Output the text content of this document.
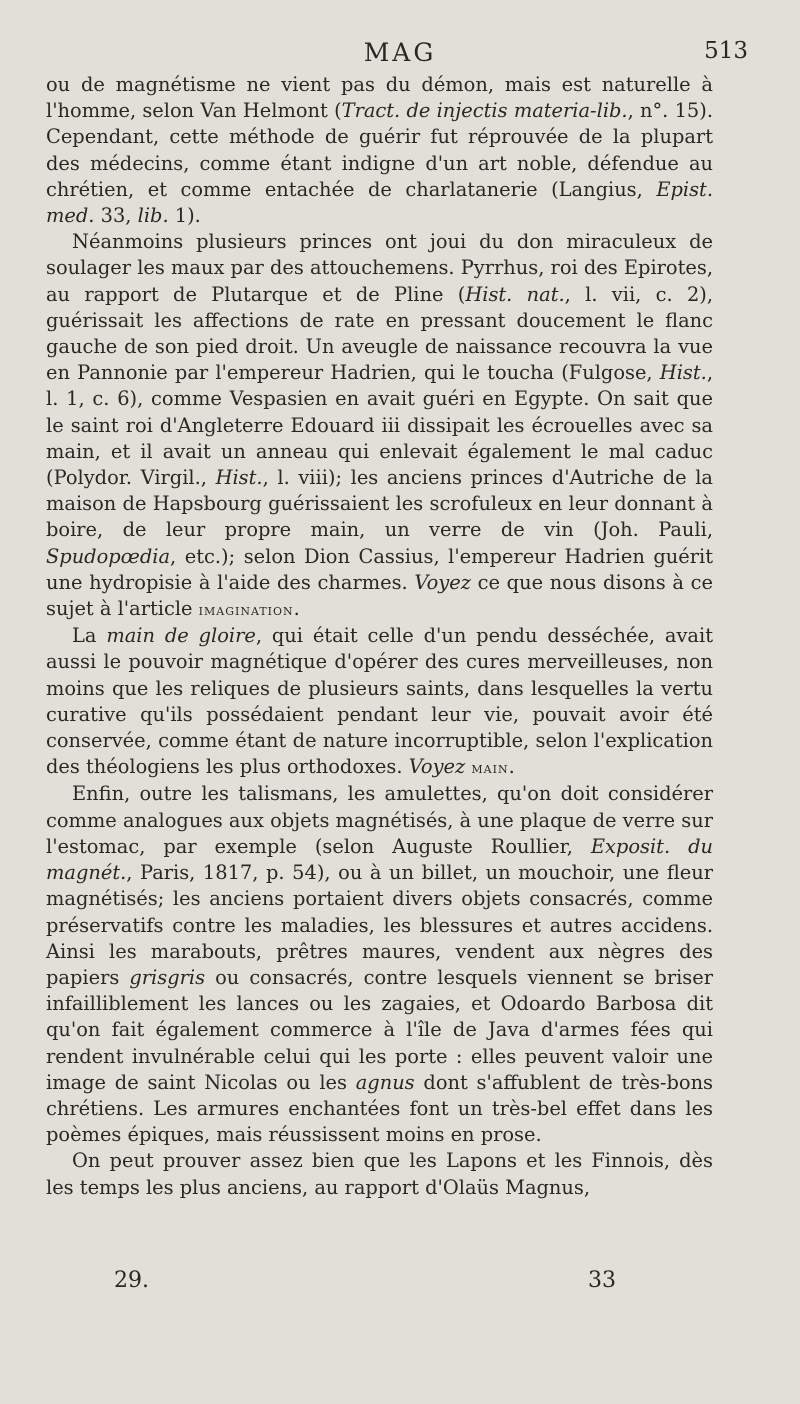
MAG	513

ou de magnétisme ne vient pas du démon, mais est naturelle à l'homme, selon Van Helmont (Tract. de injectis materia-lib., n°. 15). Cependant, cette méthode de guérir fut réprouvée de la plupart des médecins, comme étant indigne d'un art noble, défendue au chrétien, et comme entachée de charlatanerie (Langius, Epist. med. 33, lib. 1).

Néanmoins plusieurs princes ont joui du don miraculeux de soulager les maux par des attouchemens. Pyrrhus, roi des Epirotes, au rapport de Plutarque et de Pline (Hist. nat., l. vii, c. 2), guérissait les affections de rate en pressant doucement le flanc gauche de son pied droit. Un aveugle de naissance recouvra la vue en Pannonie par l'empereur Hadrien, qui le toucha (Fulgose, Hist., l. 1, c. 6), comme Vespasien en avait guéri en Egypte. On sait que le saint roi d'Angleterre Edouard iii dissipait les écrouelles avec sa main, et il avait un anneau qui enlevait également le mal caduc (Polydor. Virgil., Hist., l. viii); les anciens princes d'Autriche de la maison de Hapsbourg guérissaient les scrofuleux en leur donnant à boire, de leur propre main, un verre de vin (Joh. Pauli, Spudopœdia, etc.); selon Dion Cassius, l'empereur Hadrien guérit une hydropisie à l'aide des charmes. Voyez ce que nous disons à ce sujet à l'article imagination.

La main de gloire, qui était celle d'un pendu desséchée, avait aussi le pouvoir magnétique d'opérer des cures merveilleuses, non moins que les reliques de plusieurs saints, dans lesquelles la vertu curative qu'ils possédaient pendant leur vie, pouvait avoir été conservée, comme étant de nature incorruptible, selon l'explication des théologiens les plus orthodoxes. Voyez main.

Enfin, outre les talismans, les amulettes, qu'on doit considérer comme analogues aux objets magnétisés, à une plaque de verre sur l'estomac, par exemple (selon Auguste Roullier, Exposit. du magnét., Paris, 1817, p. 54), ou à un billet, un mouchoir, une fleur magnétisés; les anciens portaient divers objets consacrés, comme préservatifs contre les maladies, les blessures et autres accidens. Ainsi les marabouts, prêtres maures, vendent aux nègres des papiers grisgris ou consacrés, contre lesquels viennent se briser infailliblement les lances ou les zagaies, et Odoardo Barbosa dit qu'on fait également commerce à l'île de Java d'armes fées qui rendent invulnérable celui qui les porte : elles peuvent valoir une image de saint Nicolas ou les agnus dont s'affublent de très-bons chrétiens. Les armures enchantées font un très-bel effet dans les poèmes épiques, mais réussissent moins en prose.

On peut prouver assez bien que les Lapons et les Finnois, dès les temps les plus anciens, au rapport d'Olaüs Magnus,

29.	33
